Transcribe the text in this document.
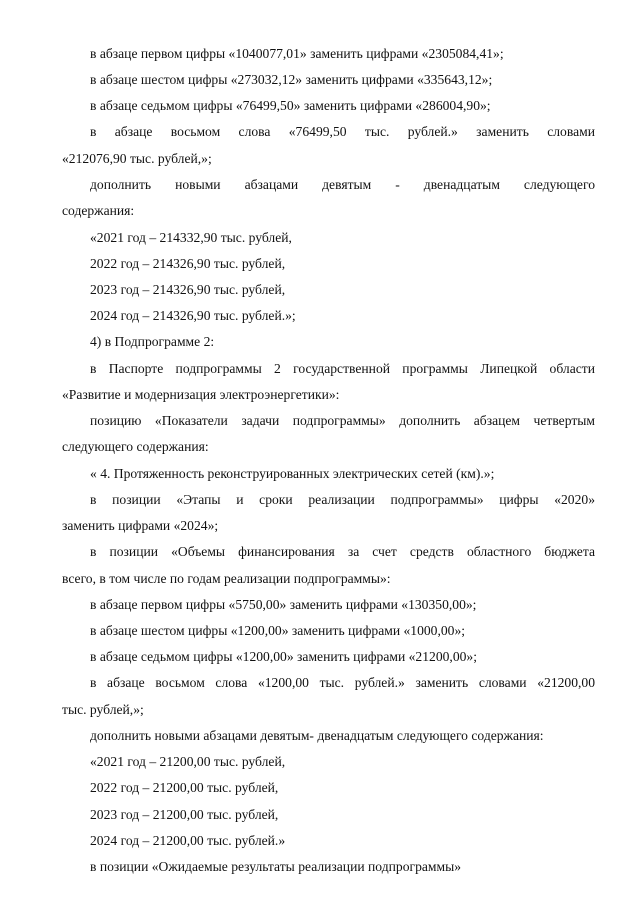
в абзаце первом цифры «1040077,01» заменить цифрами «2305084,41»;
в абзаце шестом цифры «273032,12» заменить цифрами «335643,12»;
в абзаце седьмом цифры «76499,50» заменить цифрами «286004,90»;
в абзаце восьмом слова «76499,50 тыс. рублей.» заменить словами
«212076,90 тыс. рублей,»;
дополнить новыми абзацами девятым - двенадцатым следующего
содержания:
«2021 год – 214332,90 тыс. рублей,
2022 год – 214326,90 тыс. рублей,
2023 год – 214326,90 тыс. рублей,
2024 год – 214326,90 тыс. рублей.»;
4) в Подпрограмме 2:
в Паспорте подпрограммы 2 государственной программы Липецкой области
«Развитие и модернизация электроэнергетики»:
позицию «Показатели задачи подпрограммы» дополнить абзацем четвертым
следующего содержания:
« 4. Протяженность реконструированных электрических сетей (км).»;
в позиции «Этапы и сроки реализации подпрограммы» цифры «2020»
заменить цифрами «2024»;
в позиции «Объемы финансирования за счет средств областного бюджета
всего, в том числе по годам реализации подпрограммы»:
в абзаце первом цифры «5750,00» заменить цифрами «130350,00»;
в абзаце шестом цифры «1200,00» заменить цифрами «1000,00»;
в абзаце седьмом цифры «1200,00» заменить цифрами «21200,00»;
в абзаце восьмом слова «1200,00 тыс. рублей.» заменить словами «21200,00
тыс. рублей,»;
дополнить новыми абзацами девятым- двенадцатым следующего содержания:
«2021 год – 21200,00 тыс. рублей,
2022 год – 21200,00 тыс. рублей,
2023 год – 21200,00 тыс. рублей,
2024 год – 21200,00 тыс. рублей.»
в позиции «Ожидаемые результаты реализации подпрограммы»
